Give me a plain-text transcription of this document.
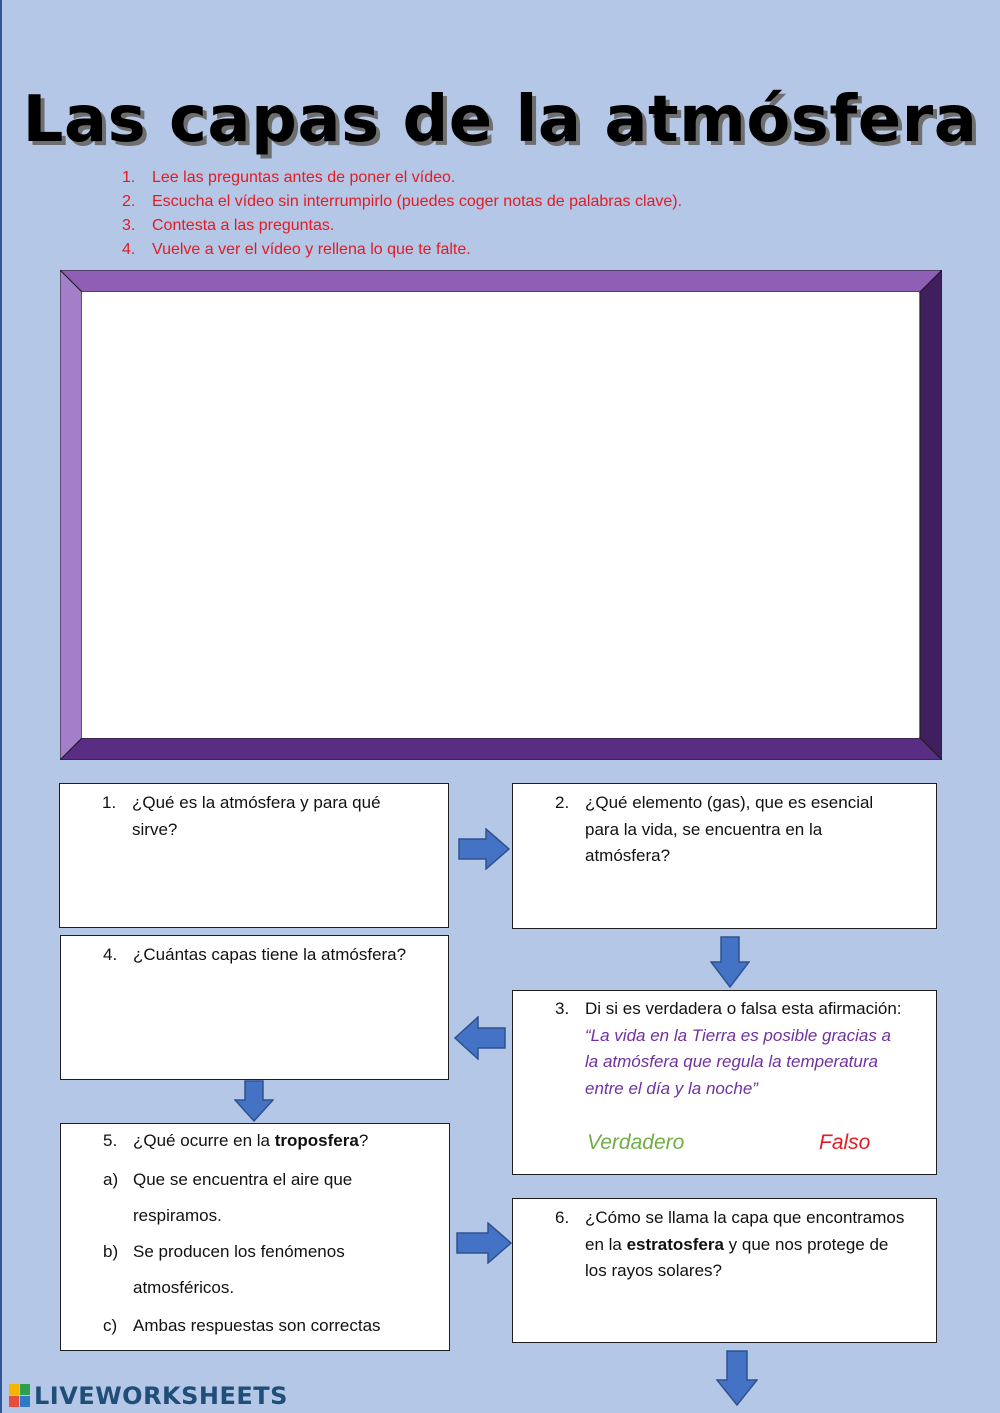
Las capas de la atmósfera
1. Lee las preguntas antes de poner el vídeo.
2. Escucha el vídeo sin interrumpirlo (puedes coger notas de palabras clave).
3. Contesta a las preguntas.
4. Vuelve a ver el vídeo y rellena lo que te falte.
1. ¿Qué es la atmósfera y para qué
sirve?
2. ¿Qué elemento (gas), que es esencial
para la vida, se encuentra en la
atmósfera?
4. ¿Cuántas capas tiene la atmósfera?
3. Di si es verdadera o falsa esta afirmación:
“La vida en la Tierra es posible gracias a
la atmósfera que regula la temperatura
entre el día y la noche”
Verdadero	Falso
5. ¿Qué ocurre en la troposfera?
a) Que se encuentra el aire que
respiramos.
b) Se producen los fenómenos
atmosféricos.
c) Ambas respuestas son correctas
6. ¿Cómo se llama la capa que encontramos
en la estratosfera y que nos protege de
los rayos solares?
LIVEWORKSHEETS
